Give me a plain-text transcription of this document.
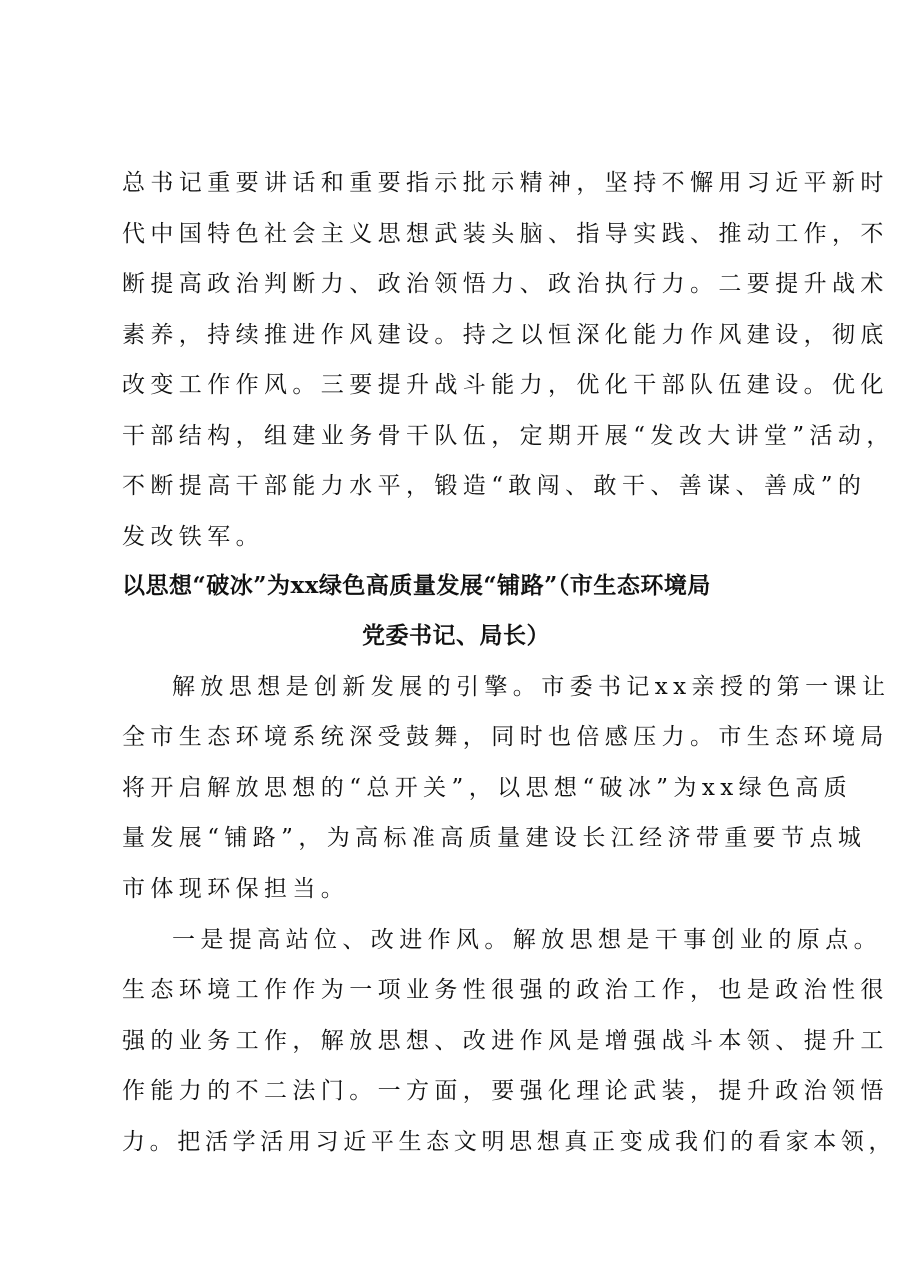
总书记重要讲话和重要指示批示精神，坚持不懈用习近平新时
代中国特色社会主义思想武装头脑、指导实践、推动工作，不
断提高政治判断力、政治领悟力、政治执行力。二要提升战术
素养，持续推进作风建设。持之以恒深化能力作风建设，彻底
改变工作作风。三要提升战斗能力，优化干部队伍建设。优化
干部结构，组建业务骨干队伍，定期开展“发改大讲堂”活动，
不断提高干部能力水平，锻造“敢闯、敢干、善谋、善成”的
发改铁军。
以思想“破冰”为xx绿色高质量发展“铺路”（市生态环境局
党委书记、局长）
解放思想是创新发展的引擎。市委书记xx亲授的第一课让
全市生态环境系统深受鼓舞，同时也倍感压力。市生态环境局
将开启解放思想的“总开关”，以思想“破冰”为xx绿色高质
量发展“铺路”，为高标准高质量建设长江经济带重要节点城
市体现环保担当。
一是提高站位、改进作风。解放思想是干事创业的原点。
生态环境工作作为一项业务性很强的政治工作，也是政治性很
强的业务工作，解放思想、改进作风是增强战斗本领、提升工
作能力的不二法门。一方面，要强化理论武装，提升政治领悟
力。把活学活用习近平生态文明思想真正变成我们的看家本领，
